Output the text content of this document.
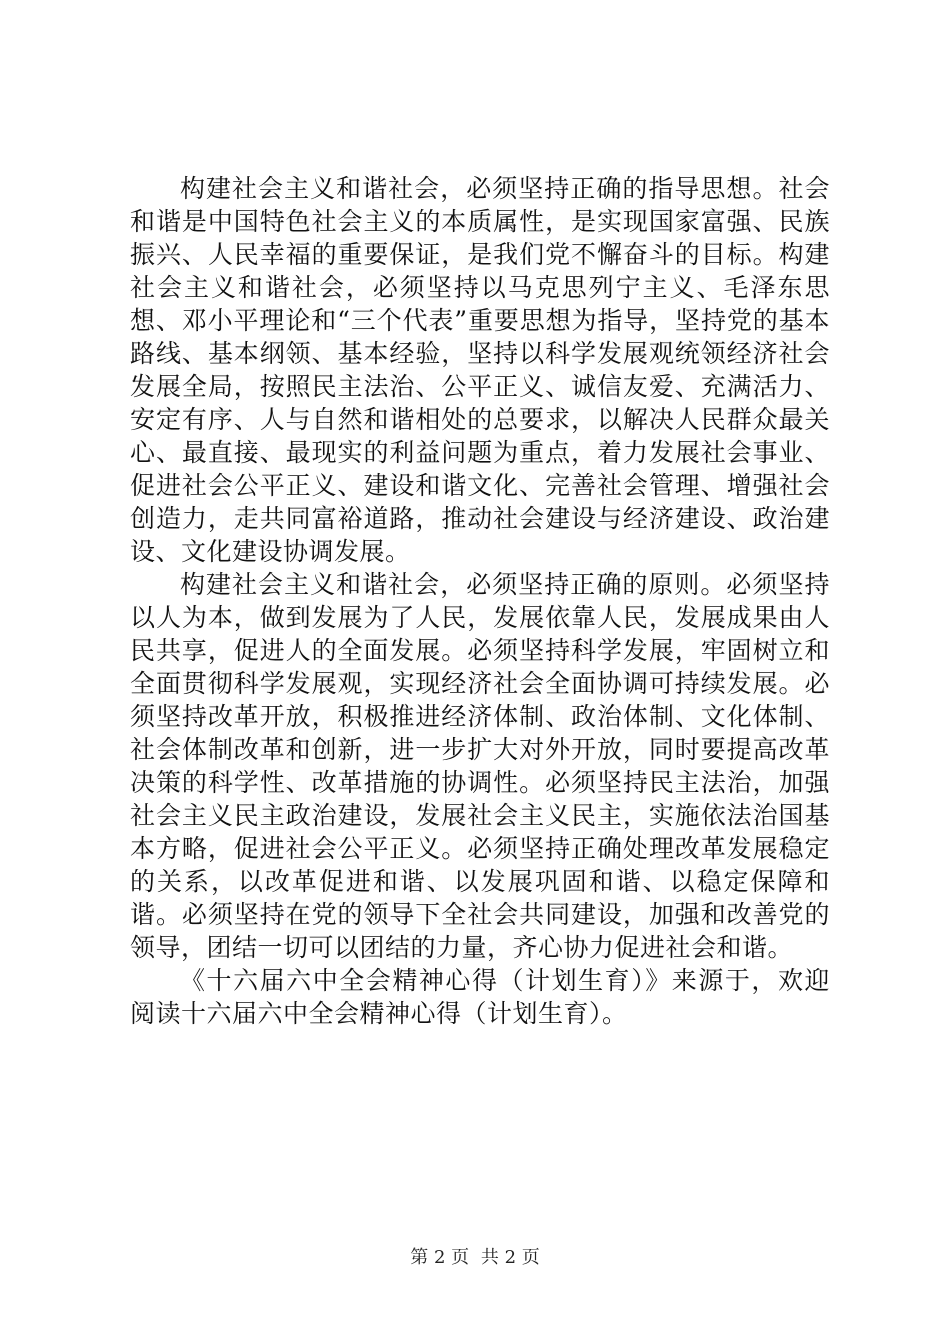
构建社会主义和谐社会，必须坚持正确的指导思想。社会和谐是中国特色社会主义的本质属性，是实现国家富强、民族振兴、人民幸福的重要保证，是我们党不懈奋斗的目标。构建社会主义和谐社会，必须坚持以马克思列宁主义、毛泽东思想、邓小平理论和“三个代表”重要思想为指导，坚持党的基本路线、基本纲领、基本经验，坚持以科学发展观统领经济社会发展全局，按照民主法治、公平正义、诚信友爱、充满活力、安定有序、人与自然和谐相处的总要求，以解决人民群众最关心、最直接、最现实的利益问题为重点，着力发展社会事业、促进社会公平正义、建设和谐文化、完善社会管理、增强社会创造力，走共同富裕道路，推动社会建设与经济建设、政治建设、文化建设协调发展。

构建社会主义和谐社会，必须坚持正确的原则。必须坚持以人为本，做到发展为了人民，发展依靠人民，发展成果由人民共享，促进人的全面发展。必须坚持科学发展，牢固树立和全面贯彻科学发展观，实现经济社会全面协调可持续发展。必须坚持改革开放，积极推进经济体制、政治体制、文化体制、社会体制改革和创新，进一步扩大对外开放，同时要提高改革决策的科学性、改革措施的协调性。必须坚持民主法治，加强社会主义民主政治建设，发展社会主义民主，实施依法治国基本方略，促进社会公平正义。必须坚持正确处理改革发展稳定的关系，以改革促进和谐、以发展巩固和谐、以稳定保障和谐。必须坚持在党的领导下全社会共同建设，加强和改善党的领导，团结一切可以团结的力量，齐心协力促进社会和谐。

《十六届六中全会精神心得（计划生育）》来源于，欢迎阅读十六届六中全会精神心得（计划生育）。

第 2 页 共 2 页
